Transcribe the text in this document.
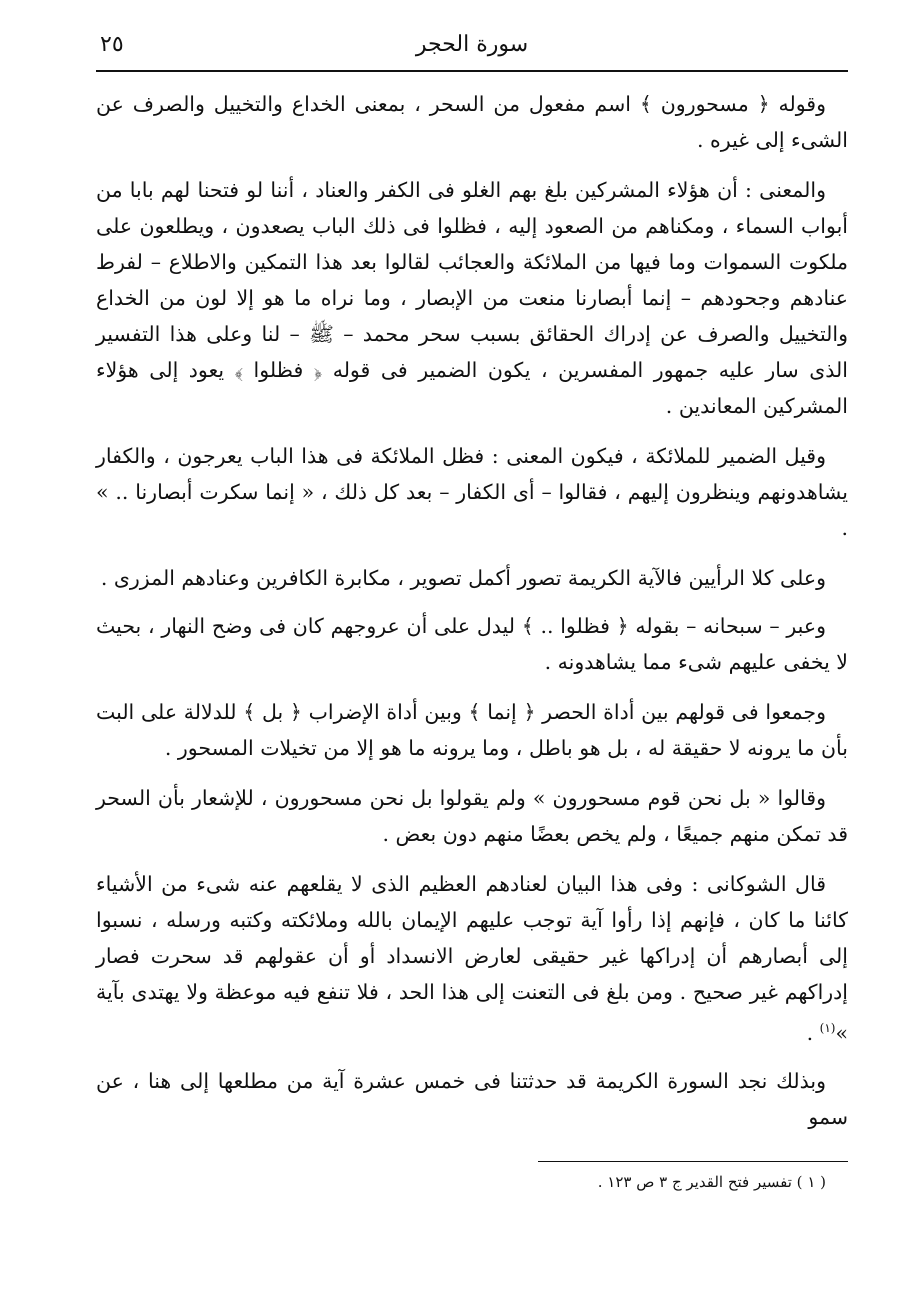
٢٥	سورة الحجر

وقوله ﴿ مسحورون ﴾ اسم مفعول من السحر ، بمعنى الخداع والتخييل والصرف عن الشىء إلى غيره .

والمعنى : أن هؤلاء المشركين بلغ بهم الغلو فى الكفر والعناد ، أننا لو فتحنا لهم بابا من أبواب السماء ، ومكناهم من الصعود إليه ، فظلوا فى ذلك الباب يصعدون ، ويطلعون على ملكوت السموات وما فيها من الملائكة والعجائب لقالوا بعد هذا التمكين والاطلاع – لفرط عنادهم وجحودهم – إنما أبصارنا منعت من الإبصار ، وما نراه ما هو إلا لون من الخداع والتخييل والصرف عن إدراك الحقائق بسبب سحر محمد – ﷺ – لنا وعلى هذا التفسير الذى سار عليه جمهور المفسرين ، يكون الضمير فى قوله ﴿ فظلوا ﴾ يعود إلى هؤلاء المشركين المعاندين .

وقيل الضمير للملائكة ، فيكون المعنى : فظل الملائكة فى هذا الباب يعرجون ، والكفار يشاهدونهم وينظرون إليهم ، فقالوا – أى الكفار – بعد كل ذلك ، « إنما سكرت أبصارنا .. » .

وعلى كلا الرأيين فالآية الكريمة تصور أكمل تصوير ، مكابرة الكافرين وعنادهم المزرى .

وعبر – سبحانه – بقوله ﴿ فظلوا .. ﴾ ليدل على أن عروجهم كان فى وضح النهار ، بحيث لا يخفى عليهم شىء مما يشاهدونه .

وجمعوا فى قولهم بين أداة الحصر ﴿ إنما ﴾ وبين أداة الإضراب ﴿ بل ﴾ للدلالة على البت بأن ما يرونه لا حقيقة له ، بل هو باطل ، وما يرونه ما هو إلا من تخيلات المسحور .

وقالوا « بل نحن قوم مسحورون » ولم يقولوا بل نحن مسحورون ، للإشعار بأن السحر قد تمكن منهم جميعًا ، ولم يخص بعضًا منهم دون بعض .

قال الشوكانى : وفى هذا البيان لعنادهم العظيم الذى لا يقلعهم عنه شىء من الأشياء كائنا ما كان ، فإنهم إذا رأوا آية توجب عليهم الإيمان بالله وملائكته وكتبه ورسله ، نسبوا إلى أبصارهم أن إدراكها غير حقيقى لعارض الانسداد أو أن عقولهم قد سحرت فصار إدراكهم غير صحيح . ومن بلغ فى التعنت إلى هذا الحد ، فلا تنفع فيه موعظة ولا يهتدى بآية »$^{(١)}$ .

وبذلك نجد السورة الكريمة قد حدثتنا فى خمس عشرة آية من مطلعها إلى هنا ، عن سمو

( ١ ) تفسير فتح القدير ج ٣ ص ١٢٣ .
